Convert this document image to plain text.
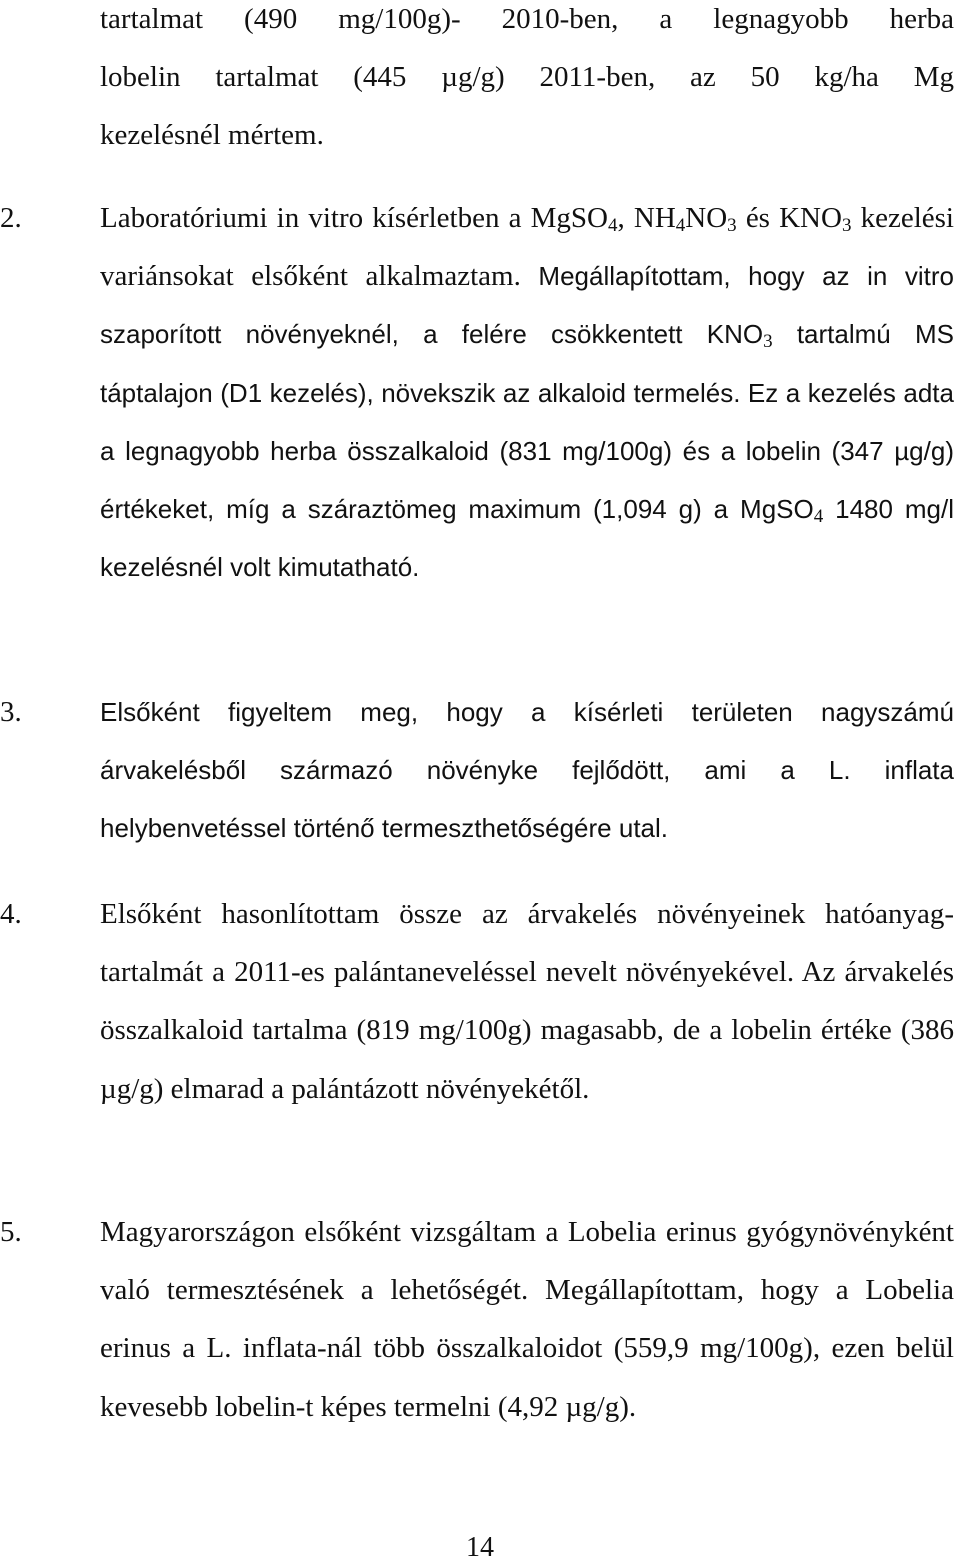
tartalmat (490 mg/100g)- 2010-ben, a legnagyobb herba
lobelin tartalmat (445 µg/g) 2011-ben, az 50 kg/ha Mg
kezelésnél mértem.
2.	Laboratóriumi in vitro kísérletben a MgSO$_4$, $NH_4NO_3$ és $KNO_3$ kezelési variánsokat elsőként alkalmaztam. Megállapítottam, hogy az in vitro szaporított növényeknél, a felére csökkentett $KNO_3$ tartalmú MS táptalajon (D1 kezelés), növekszik az alkaloid termelés. Ez a kezelés adta a legnagyobb herba összalkaloid (831 mg/100g) és a lobelin (347 µg/g) értékeket, míg a száraztömeg maximum (1,094 g) a MgSO$_4$ 1480 mg/l kezelésnél volt kimutatható.
3.	Elsőként figyeltem meg, hogy a kísérleti területen nagyszámú árvakelésből származó növényke fejlődött, ami a L. inflata helybenvetéssel történő termeszthetőségére utal.
4.	Elsőként hasonlítottam össze az árvakelés növényeinek hatóanyag-tartalmát a 2011-es palántaneveléssel nevelt növényekével. Az árvakelés összalkaloid tartalma (819 mg/100g) magasabb, de a lobelin értéke (386 µg/g) elmarad a palántázott növényekétől.
5.	Magyarországon elsőként vizsgáltam a Lobelia erinus gyógynövényként való termesztésének a lehetőségét. Megállapítottam, hogy a Lobelia erinus a L. inflata-nál több összalkaloidot (559,9 mg/100g), ezen belül kevesebb lobelin-t képes termelni (4,92 µg/g).
14
